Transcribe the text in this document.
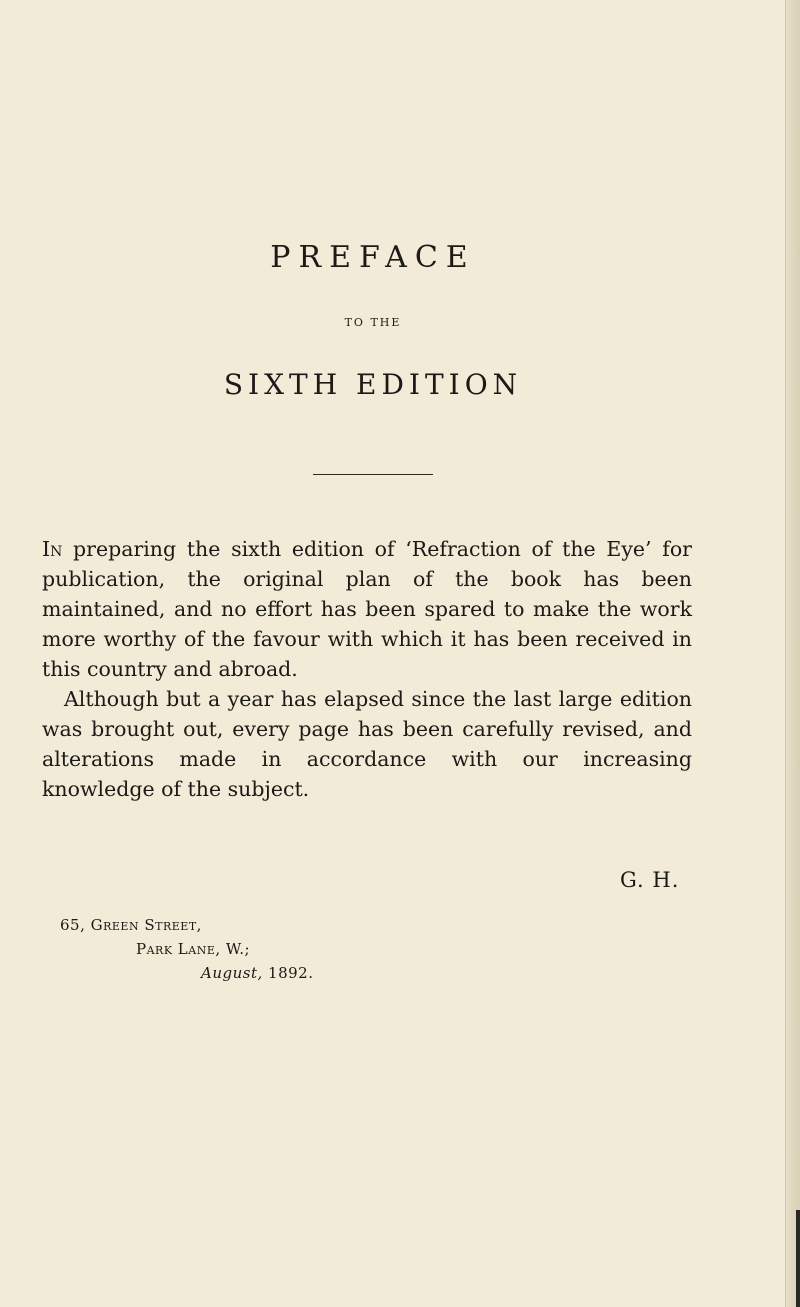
PREFACE
TO THE
SIXTH EDITION

In preparing the sixth edition of ‘Refraction of the Eye’ for publication, the original plan of the book has been maintained, and no effort has been spared to make the work more worthy of the favour with which it has been received in this country and abroad.

Although but a year has elapsed since the last large edition was brought out, every page has been carefully revised, and alterations made in accordance with our increasing knowledge of the subject.

G. H.
65, Green Street,
Park Lane, W.;
August, 1892.
